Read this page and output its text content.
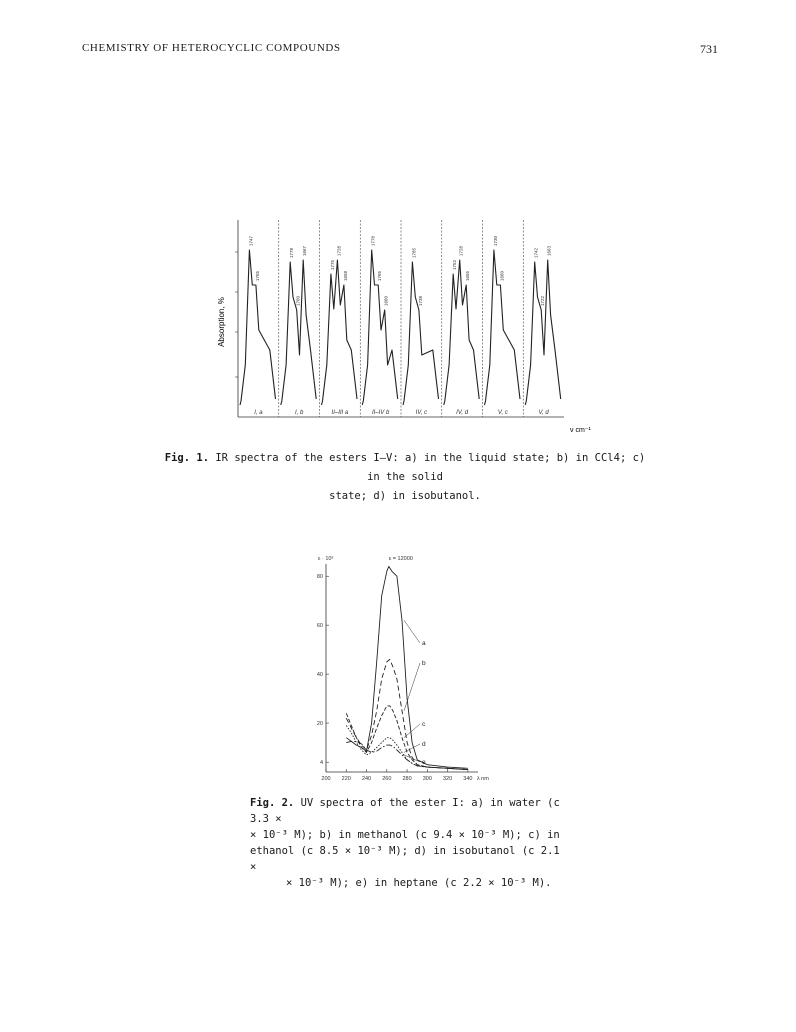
CHEMISTRY OF HETEROCYCLIC COMPOUNDS	731
Absorption, %
1747
1765
I, a
1778
1760
1667
I, b
1775
1728
1658
II–III a
1778
1765
1660
II–IV b
1785
1738
IV, c
1752
1728
1655
IV, d
1730
1660
V, c
1742
1722
1663
V, d
ν cm⁻¹
Fig. 1. IR spectra of the esters I–V: a) in the liquid state; b) in CCl4; c) in the solid
state; d) in isobutanol.
4
20
40
60
80
200 220 240 260 280 300 320 340 λ nm
ε · 10³	ε = 12000
a
b
c
d
e
Fig. 2. UV spectra of the ester I: a) in water (c 3.3 ×
× 10⁻³ M); b) in methanol (c 9.4 × 10⁻³ M); c) in
ethanol (c 8.5 × 10⁻³ M); d) in isobutanol (c 2.1 ×
× 10⁻³ M); e) in heptane (c 2.2 × 10⁻³ M).
